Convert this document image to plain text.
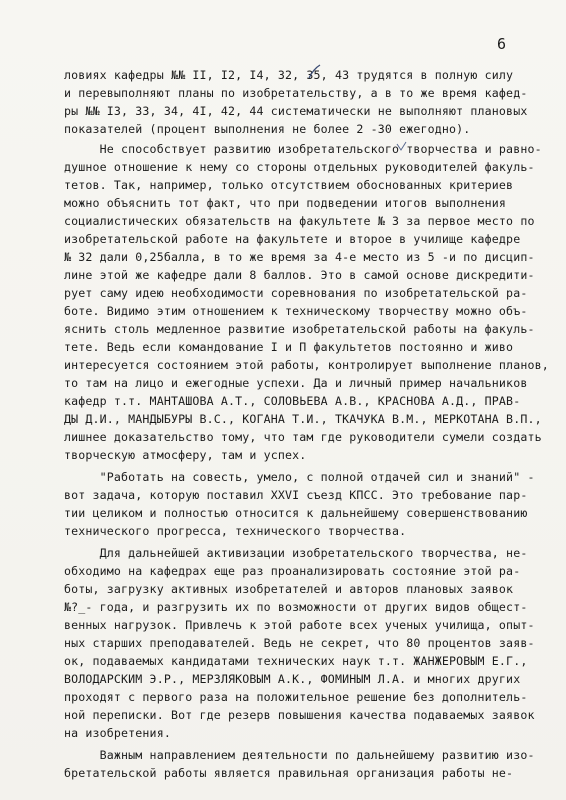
6
ловиях кафедры №№ II, I2, I4, 32, 35, 43 трудятся в полную силу
и перевыполняют планы по изобретательству, а в то же время кафед-
ры №№ I3, 33, 34, 4I, 42, 44 систематически не выполняют плановых
показателей (процент выполнения не более 2 -30 ежегодно).
Не способствует развитию изобретательского творчества и равно-
душное отношение к нему со стороны отдельных руководителей факуль-
тетов. Так, например, только отсутствием обоснованных критериев
можно объяснить тот факт, что при подведении итогов выполнения
социалистических обязательств на факультете № 3 за первое место по
изобретательской работе на факультете и второе в училище кафедре
№ 32 дали 0,25балла, в то же время за 4-е место из 5 -и по дисцип-
лине этой же кафедре дали 8 баллов. Это в самой основе дискредити-
рует саму идею необходимости соревнования по изобретательской ра-
боте. Видимо этим отношением к техническому творчеству можно объ-
яснить столь медленное развитие изобретательской работы на факуль-
тете. Ведь если командование I и П факультетов постоянно и живо
интересуется состоянием этой работы, контролирует выполнение планов,
то там на лицо и ежегодные успехи. Да и личный пример начальников
кафедр т.т. МАНТАШОВА А.Т., СОЛОВЬЕВА А.В., КРАСНОВА А.Д., ПРАВ-
ДЫ Д.И., МАНДЫБУРЫ В.С., КОГАНА Т.И., ТКАЧУКА В.М., МЕРКОТАНА В.П.,
лишнее доказательство тому, что там где руководители сумели создать
творческую атмосферу, там и успех.
"Работать на совесть, умело, с полной отдачей сил и знаний" -
вот задача, которую поставил XXVI съезд КПСС. Это требование пар-
тии целиком и полностью относится к дальнейшему совершенствованию
технического прогресса, технического творчества.
Для дальнейшей активизации изобретательского творчества, не-
обходимо на кафедрах еще раз проанализировать состояние этой ра-
боты, загрузку активных изобретателей и авторов плановых заявок
№?_- года, и разгрузить их по возможности от других видов общест-
венных нагрузок. Привлечь к этой работе всех ученых училища, опыт-
ных старших преподавателей. Ведь не секрет, что 80 процентов заяв-
ок, подаваемых кандидатами технических наук т.т. ЖАНЖЕРОВЫМ Е.Г.,
ВОЛОДАРСКИМ Э.Р., МЕРЗЛЯКОВЫМ А.К., ФОМИНЫМ Л.А. и многих других
проходят с первого раза на положительное решение без дополнитель-
ной переписки. Вот где резерв повышения качества подаваемых заявок
на изобретения.
Важным направлением деятельности по дальнейшему развитию изо-
бретательской работы является правильная организация работы не-
